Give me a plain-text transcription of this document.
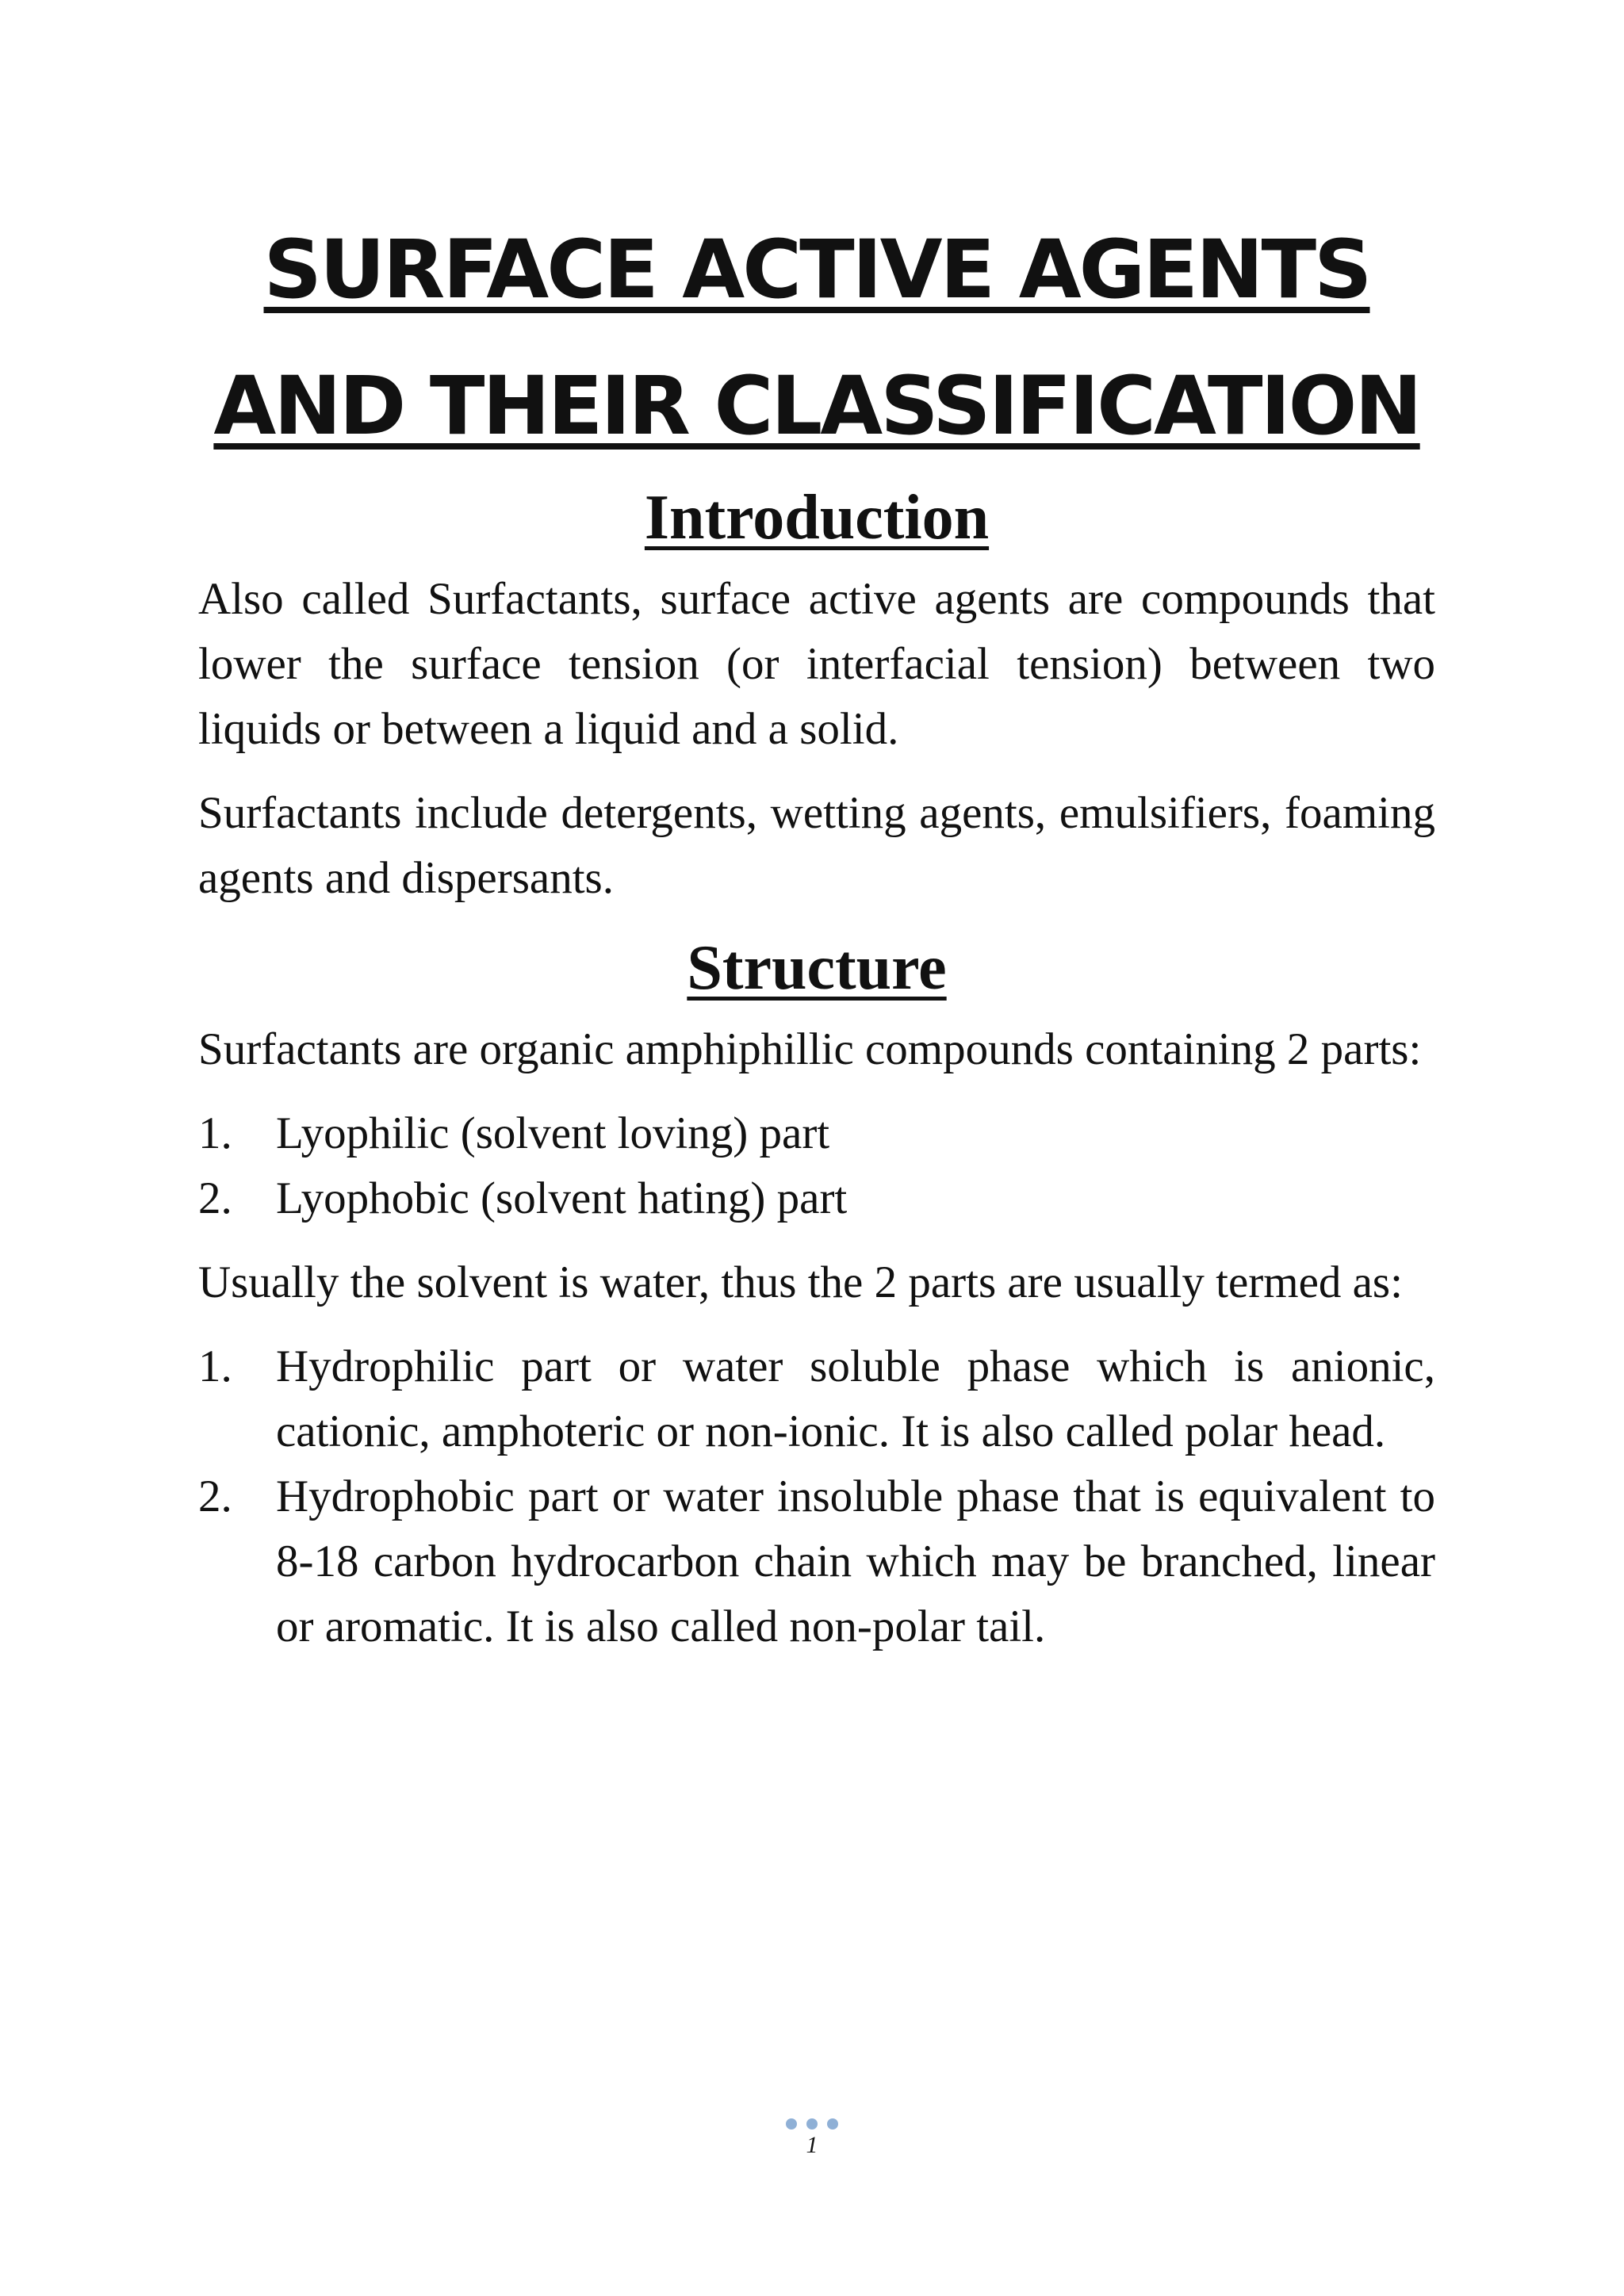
SURFACE ACTIVE AGENTS
AND THEIR CLASSIFICATION
Introduction

Also called Surfactants, surface active agents are compounds that lower the surface tension (or interfacial tension) between two liquids or between a liquid and a solid.

Surfactants include detergents, wetting agents, emulsifiers, foaming agents and dispersants.

Structure

Surfactants are organic amphiphillic compounds containing 2 parts:

1. Lyophilic (solvent loving) part
2. Lyophobic (solvent hating) part

Usually the solvent is water, thus the 2 parts are usually termed as:

1. Hydrophilic part or water soluble phase which is anionic, cationic, amphoteric or non-ionic. It is also called polar head.
2. Hydrophobic part or water insoluble phase that is equivalent to 8-18 carbon hydrocarbon chain which may be branched, linear or aromatic. It is also called non-polar tail.
1
